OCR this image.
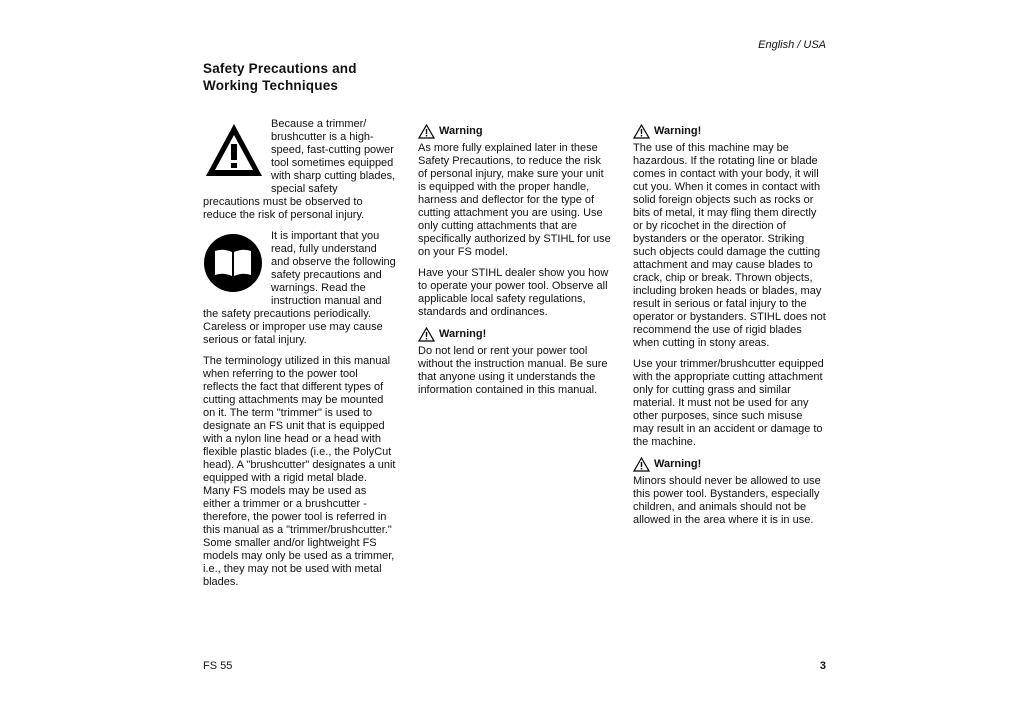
English / USA
Safety Precautions and
Working Techniques

Because a trimmer/ brushcutter is a high-speed, fast-cutting power tool sometimes equipped with sharp cutting blades, special safety precautions must be observed to reduce the risk of personal injury.

It is important that you read, fully understand and observe the following safety precautions and warnings. Read the instruction manual and the safety precautions periodically. Careless or improper use may cause serious or fatal injury.

The terminology utilized in this manual when referring to the power tool reflects the fact that different types of cutting attachments may be mounted on it. The term "trimmer" is used to designate an FS unit that is equipped with a nylon line head or a head with flexible plastic blades (i.e., the PolyCut head). A "brushcutter" designates a unit equipped with a rigid metal blade. Many FS models may be used as either a trimmer or a brushcutter - therefore, the power tool is referred in this manual as a "trimmer/brushcutter." Some smaller and/or lightweight FS models may only be used as a trimmer, i.e., they may not be used with metal blades.

Warning

As more fully explained later in these Safety Precautions, to reduce the risk of personal injury, make sure your unit is equipped with the proper handle, harness and deflector for the type of cutting attachment you are using. Use only cutting attachments that are specifically authorized by STIHL for use on your FS model.

Have your STIHL dealer show you how to operate your power tool. Observe all applicable local safety regulations, standards and ordinances.

Warning!

Do not lend or rent your power tool without the instruction manual. Be sure that anyone using it understands the information contained in this manual.

Warning!

The use of this machine may be hazardous. If the rotating line or blade comes in contact with your body, it will cut you. When it comes in contact with solid foreign objects such as rocks or bits of metal, it may fling them directly or by ricochet in the direction of bystanders or the operator. Striking such objects could damage the cutting attachment and may cause blades to crack, chip or break. Thrown objects, including broken heads or blades, may result in serious or fatal injury to the operator or bystanders. STIHL does not recommend the use of rigid blades when cutting in stony areas.

Use your trimmer/brushcutter equipped with the appropriate cutting attachment only for cutting grass and similar material. It must not be used for any other purposes, since such misuse may result in an accident or damage to the machine.

Warning!

Minors should never be allowed to use this power tool. Bystanders, especially children, and animals should not be allowed in the area where it is in use.

FS 55	3
